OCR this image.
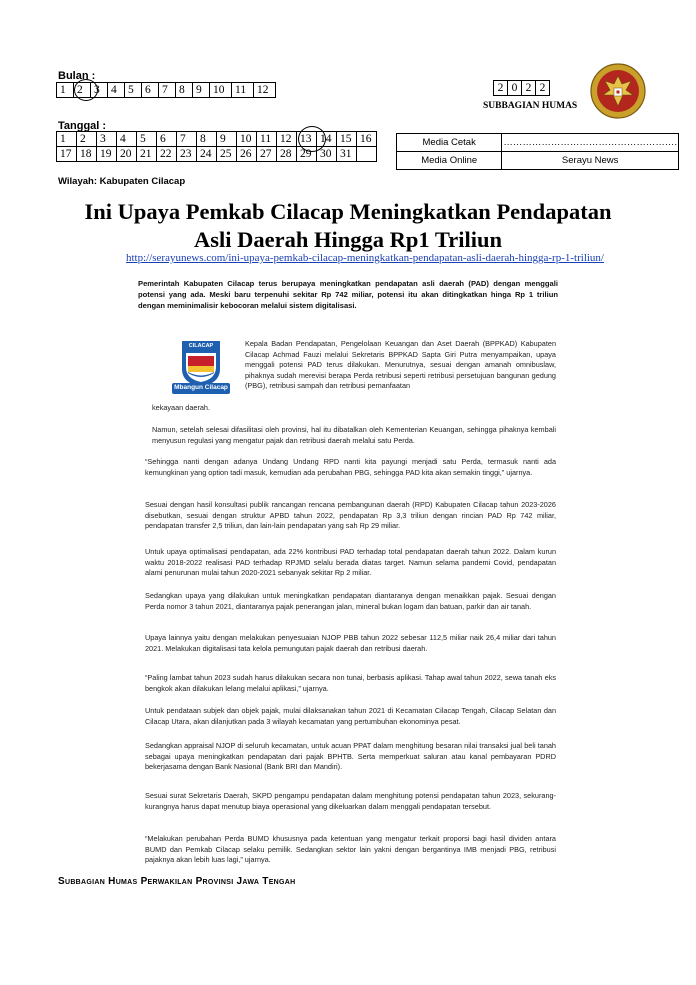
Bulan :
1	2	3	4	5	6	7	8	9	10	11	12
Tanggal :
1	2	3	4	5	6	7	8	9	10	11	12	13	14	15	16
17	18	19	20	21	22	23	24	25	26	27	28	29	30	31	
2	0	2	2
SUBBAGIAN HUMAS
Media Cetak	……………………………………………….
Media Online	Serayu News
Wilayah: Kabupaten Cilacap
Ini Upaya Pemkab Cilacap Meningkatkan Pendapatan
Asli Daerah Hingga Rp1 Triliun
http://serayunews.com/ini-upaya-pemkab-cilacap-meningkatkan-pendapatan-asli-daerah-hingga-rp-1-triliun/
Pemerintah Kabupaten Cilacap terus berupaya meningkatkan pendapatan asli daerah (PAD) dengan menggali potensi yang ada. Meski baru terpenuhi sekitar Rp 742 miliar, potensi itu akan ditingkatkan hinga Rp 1 triliun dengan meminimalisir kebocoran melalui sistem digitalisasi.
CILACAP
Mbangun Cilacap
Kepala Badan Pendapatan, Pengelolaan Keuangan dan Aset Daerah (BPPKAD) Kabupaten Cilacap Achmad Fauzi melalui Sekretaris BPPKAD Sapta Giri Putra menyampaikan, upaya menggali potensi PAD terus dilakukan. Menurutnya, sesuai dengan amanah omnibuslaw, pihaknya sudah merevisi berapa Perda retribusi seperti retribusi persetujuan bangunan gedung (PBG), retribusi sampah dan retribusi pemanfaatan
kekayaan daerah.
Namun, setelah selesai difasilitasi oleh provinsi, hal itu dibatalkan oleh Kementerian Keuangan, sehingga pihaknya kembali menyusun regulasi yang mengatur pajak dan retribusi daerah melalui satu Perda.
“Sehingga nanti dengan adanya Undang Undang RPD nanti kita payungi menjadi satu Perda, termasuk nanti ada kemungkinan yang option tadi masuk, kemudian ada perubahan PBG, sehingga PAD kita akan semakin tinggi,” ujarnya.
Sesuai dengan hasil konsultasi publik rancangan rencana pembangunan daerah (RPD) Kabupaten Cilacap tahun 2023-2026 disebutkan, sesuai dengan struktur APBD tahun 2022, pendapatan Rp 3,3 triliun dengan rincian PAD Rp 742 miliar, pendapatan transfer 2,5 triliun, dan lain-lain pendapatan yang sah Rp 29 miliar.
Untuk upaya optimalisasi pendapatan, ada 22% kontribusi PAD terhadap total pendapatan daerah tahun 2022. Dalam kurun waktu 2018-2022 realisasi PAD terhadap RPJMD selalu berada diatas target. Namun selama pandemi Covid, pendapatan alami penurunan mulai tahun 2020-2021 sebanyak sekitar Rp 2 miliar.
Sedangkan upaya yang dilakukan untuk meningkatkan pendapatan diantaranya dengan menaikkan pajak. Sesuai dengan Perda nomor 3 tahun 2021, diantaranya pajak penerangan jalan, mineral bukan logam dan batuan, parkir dan air tanah.
Upaya lainnya yaitu dengan melakukan penyesuaian NJOP PBB tahun 2022 sebesar 112,5 miliar naik 26,4 miliar dari tahun 2021. Melakukan digitalisasi tata kelola pemungutan pajak daerah dan retribusi daerah.
“Paling lambat tahun 2023 sudah harus dilakukan secara non tunai, berbasis aplikasi. Tahap awal tahun 2022, sewa tanah eks bengkok akan dilakukan lelang melalui aplikasi,” ujarnya.
Untuk pendataan subjek dan objek pajak, mulai dilaksanakan tahun 2021 di Kecamatan Cilacap Tengah, Cilacap Selatan dan Cilacap Utara, akan dilanjutkan pada 3 wilayah kecamatan yang pertumbuhan ekonominya pesat.
Sedangkan appraisal NJOP di seluruh kecamatan, untuk acuan PPAT dalam menghitung besaran nilai transaksi jual beli tanah sebagai upaya meningkatkan pendapatan dari pajak BPHTB. Serta memperkuat saluran atau kanal pembayaran PDRD bekerjasama dengan Bank Nasional (Bank BRI dan Mandiri).
Sesuai surat Sekretaris Daerah, SKPD pengampu pendapatan dalam menghitung potensi pendapatan tahun 2023, sekurang-kurangnya harus dapat menutup biaya operasional yang dikeluarkan dalam menggali pendapatan tersebut.
“Melakukan perubahan Perda BUMD khususnya pada ketentuan yang mengatur terkait proporsi bagi hasil dividen antara BUMD dan Pemkab Cilacap selaku pemilik. Sedangkan sektor lain yakni dengan bergantinya IMB menjadi PBG, retribusi pajaknya akan lebih luas lagi,” ujarnya.
Subbagian Humas Perwakilan Provinsi Jawa Tengah
